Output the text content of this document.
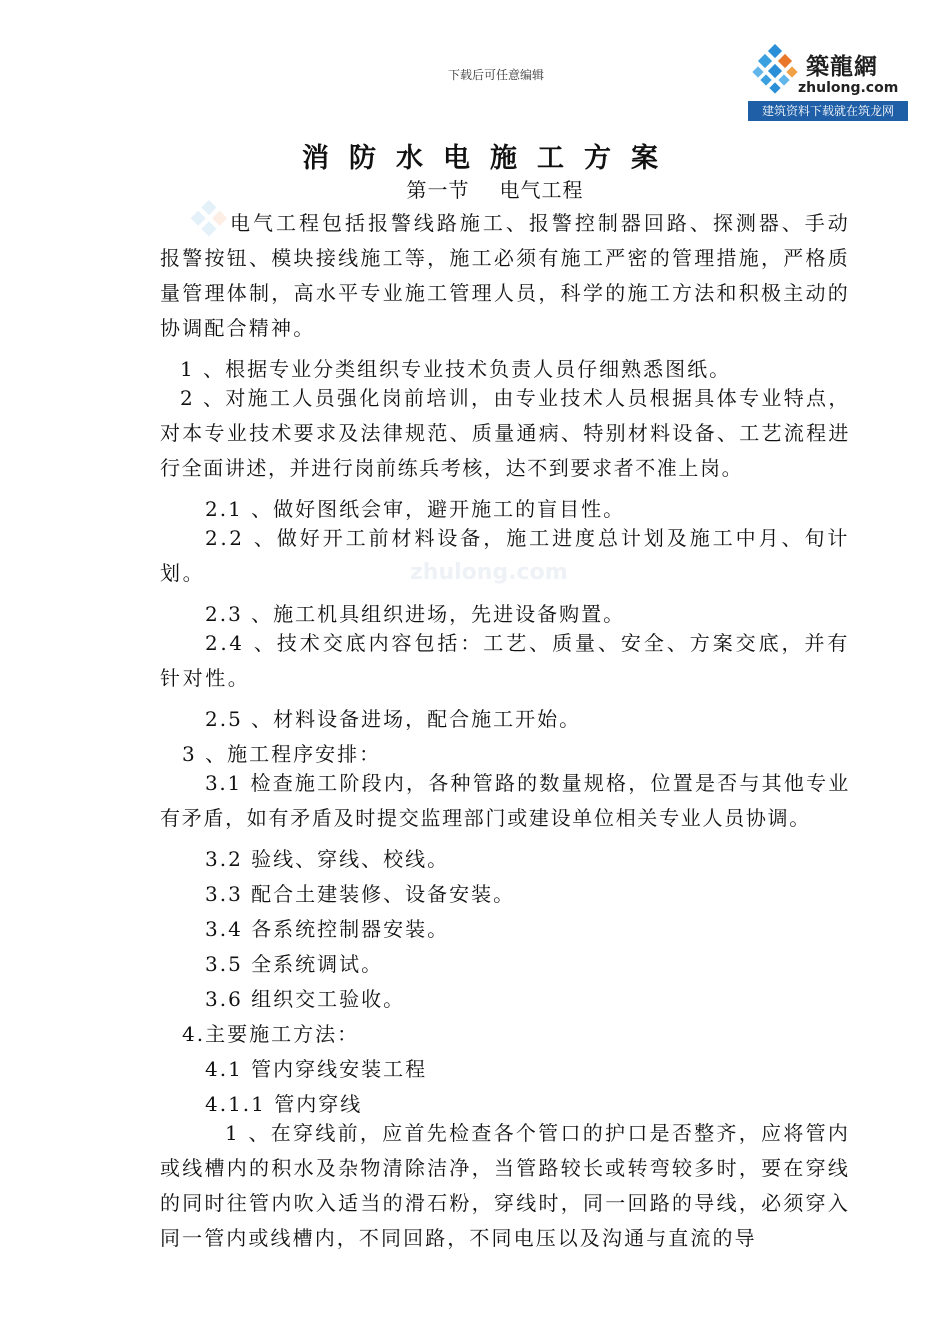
下载后可任意编辑	築龍網
zhulong.com
建筑资料下载就在筑龙网
zhulong.com
消防水电施工方案
第一节 电气工程

电气工程包括报警线路施工、报警控制器回路、探测器、手动报警按钮、模块接线施工等，施工必须有施工严密的管理措施，严格质量管理体制，高水平专业施工管理人员，科学的施工方法和积极主动的协调配合精神。

1 、根据专业分类组织专业技术负责人员仔细熟悉图纸。

2 、对施工人员强化岗前培训，由专业技术人员根据具体专业特点，对本专业技术要求及法律规范、质量通病、特别材料设备、工艺流程进行全面讲述，并进行岗前练兵考核，达不到要求者不准上岗。

2.1 、做好图纸会审，避开施工的盲目性。

2.2 、做好开工前材料设备，施工进度总计划及施工中月、旬计划。

2.3 、施工机具组织进场，先进设备购置。

2.4 、技术交底内容包括：工艺、质量、安全、方案交底，并有针对性。

2.5 、材料设备进场，配合施工开始。
3 、施工程序安排：

3.1 检查施工阶段内，各种管路的数量规格，位置是否与其他专业有矛盾，如有矛盾及时提交监理部门或建设单位相关专业人员协调。

3.2 验线、穿线、校线。
3.3 配合土建装修、设备安装。
3.4 各系统控制器安装。
3.5 全系统调试。
3.6 组织交工验收。
4.主要施工方法：
4.1 管内穿线安装工程
4.1.1 管内穿线

1 、在穿线前，应首先检查各个管口的护口是否整齐，应将管内或线槽内的积水及杂物清除洁净，当管路较长或转弯较多时，要在穿线的同时往管内吹入适当的滑石粉，穿线时，同一回路的导线，必须穿入同一管内或线槽内，不同回路，不同电压以及沟通与直流的导
